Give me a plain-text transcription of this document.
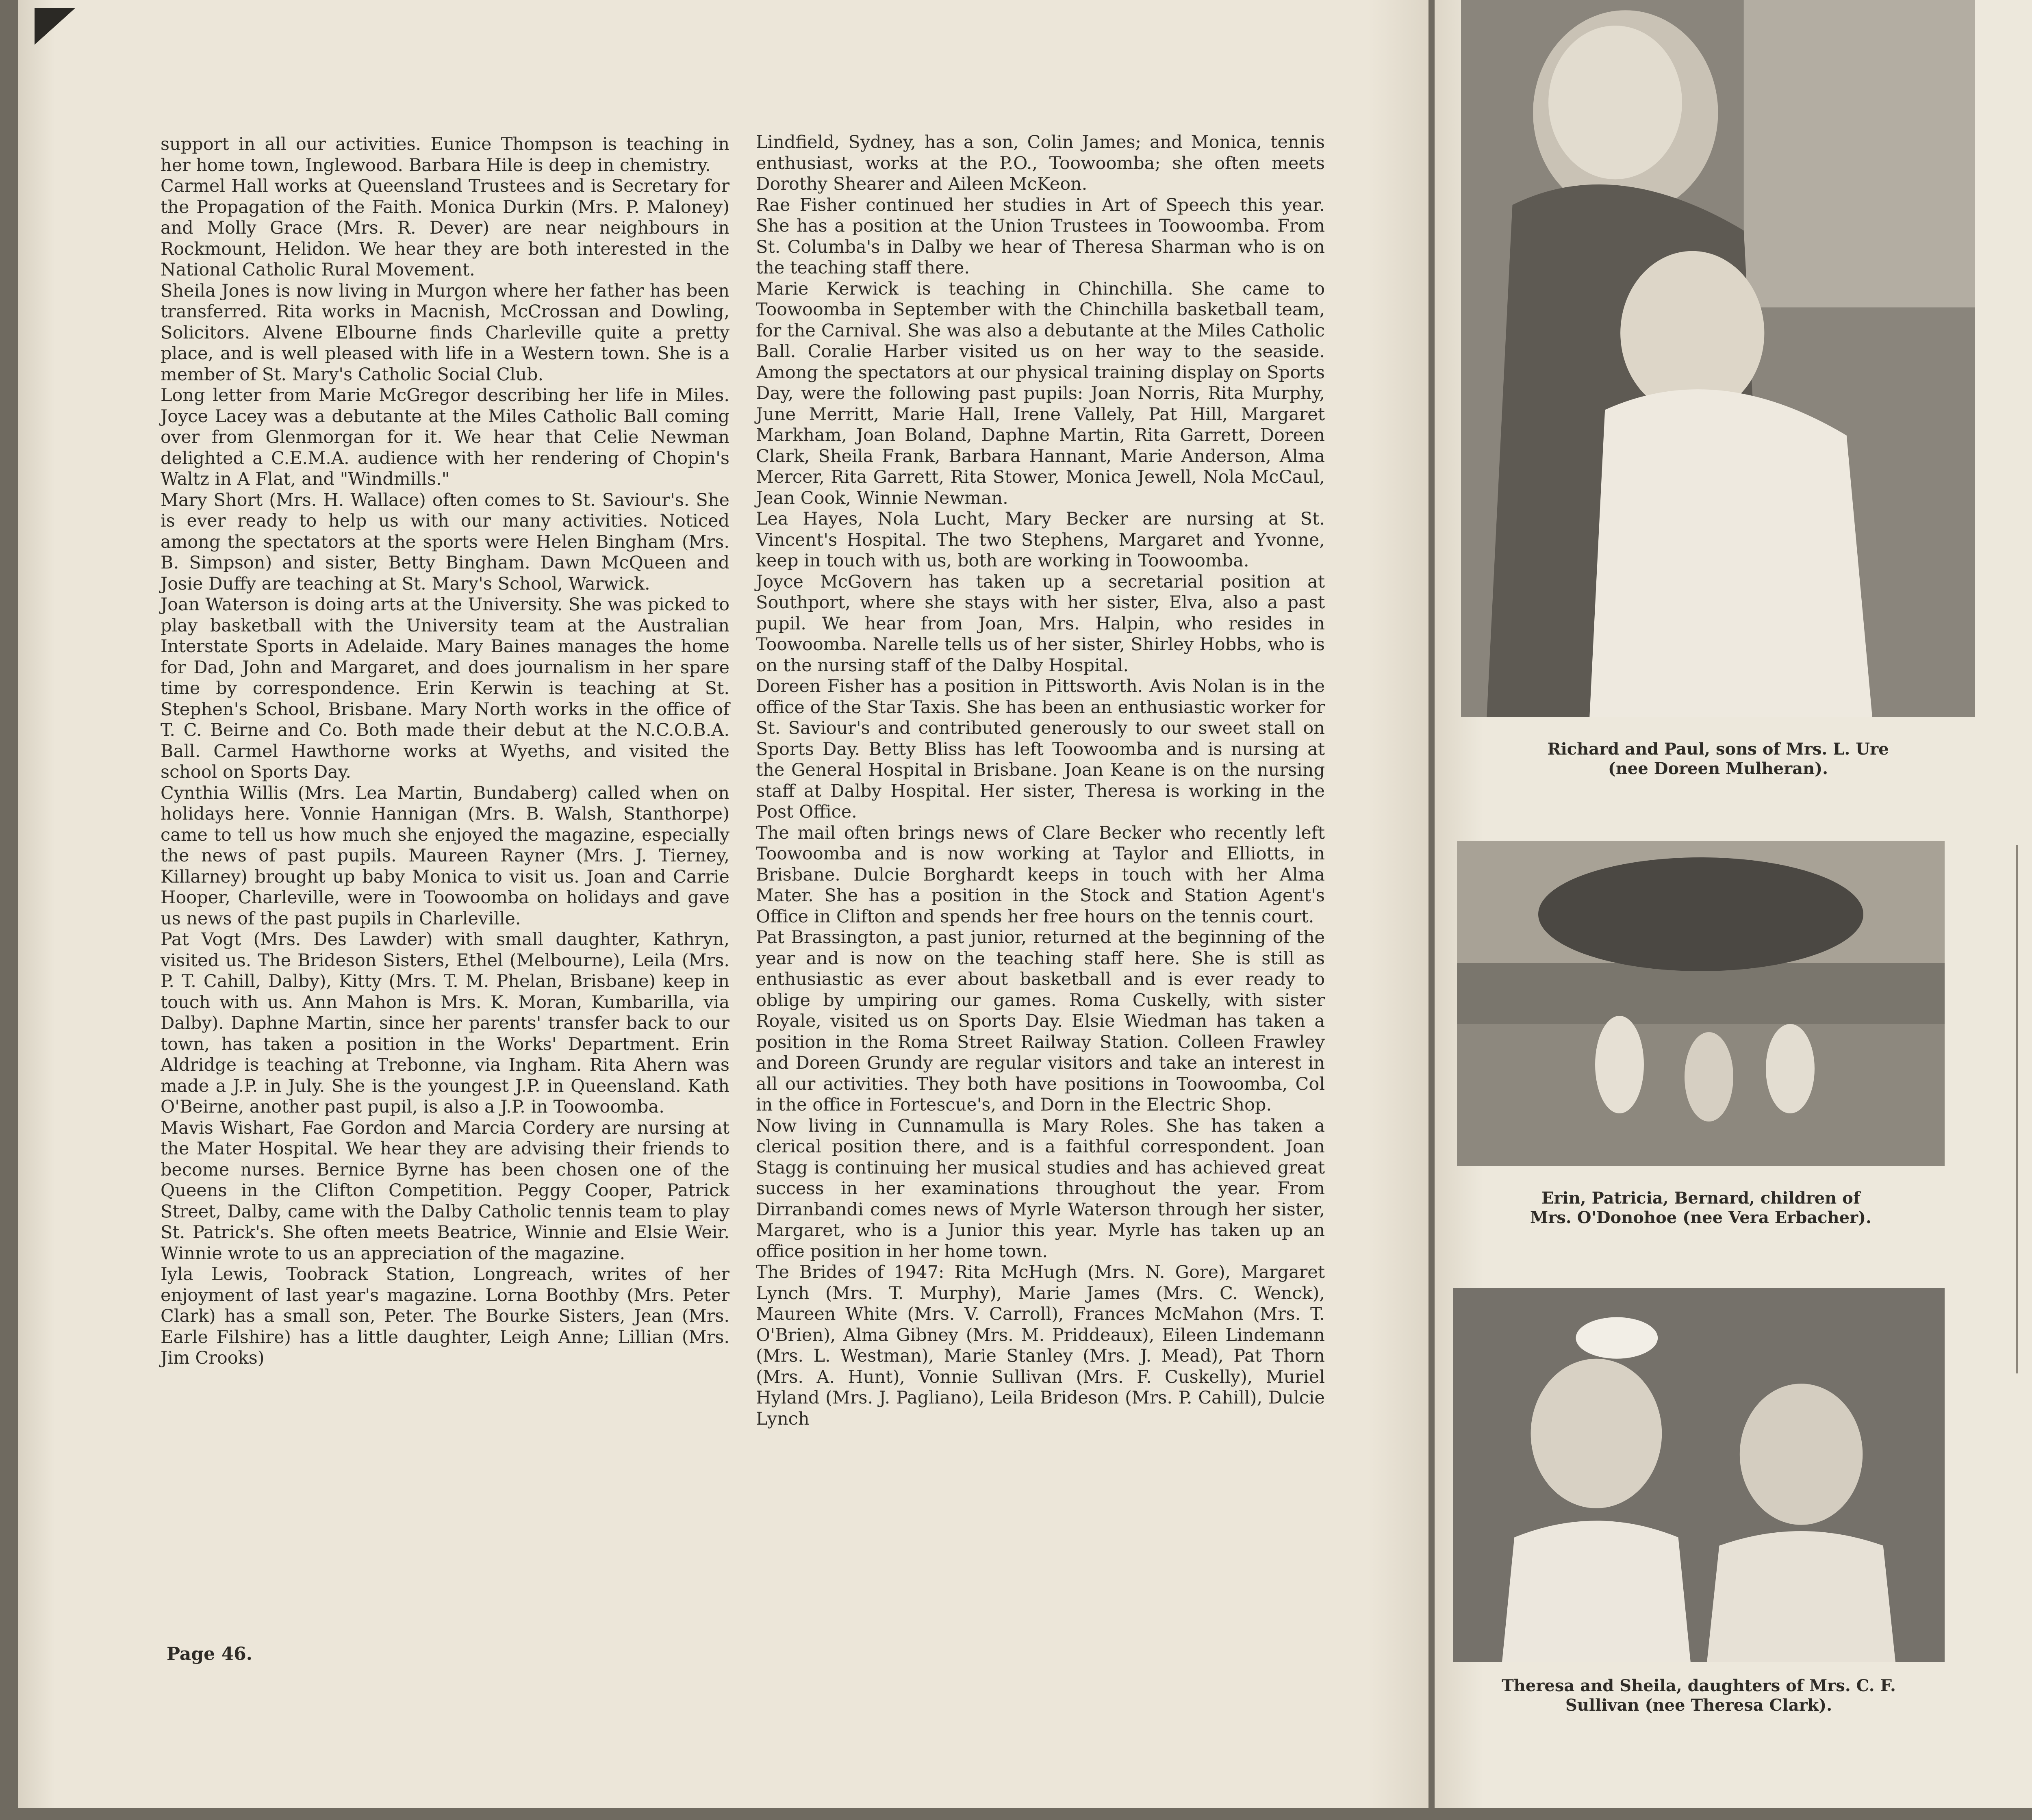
support in all our activities. Eunice Thompson is teaching in her home town, Inglewood. Barbara Hile is deep in chemistry.
Carmel Hall works at Queensland Trustees and is Secretary for the Propagation of the Faith. Monica Durkin (Mrs. P. Maloney) and Molly Grace (Mrs. R. Dever) are near neighbours in Rockmount, Helidon. We hear they are both interested in the National Catholic Rural Movement.
Sheila Jones is now living in Murgon where her father has been transferred. Rita works in Macnish, McCrossan and Dowling, Solicitors. Alvene Elbourne finds Charleville quite a pretty place, and is well pleased with life in a Western town. She is a member of St. Mary's Catholic Social Club.
Long letter from Marie McGregor describing her life in Miles. Joyce Lacey was a debutante at the Miles Catholic Ball coming over from Glenmorgan for it. We hear that Celie Newman delighted a C.E.M.A. audience with her rendering of Chopin's Waltz in A Flat, and "Windmills."
Mary Short (Mrs. H. Wallace) often comes to St. Saviour's. She is ever ready to help us with our many activities. Noticed among the spectators at the sports were Helen Bingham (Mrs. B. Simpson) and sister, Betty Bingham. Dawn McQueen and Josie Duffy are teaching at St. Mary's School, Warwick.
Joan Waterson is doing arts at the University. She was picked to play basketball with the University team at the Australian Interstate Sports in Adelaide. Mary Baines manages the home for Dad, John and Margaret, and does journalism in her spare time by correspondence. Erin Kerwin is teaching at St. Stephen's School, Brisbane. Mary North works in the office of T. C. Beirne and Co. Both made their debut at the N.C.O.B.A. Ball. Carmel Hawthorne works at Wyeths, and visited the school on Sports Day.
Cynthia Willis (Mrs. Lea Martin, Bundaberg) called when on holidays here. Vonnie Hannigan (Mrs. B. Walsh, Stanthorpe) came to tell us how much she enjoyed the magazine, especially the news of past pupils. Maureen Rayner (Mrs. J. Tierney, Killarney) brought up baby Monica to visit us. Joan and Carrie Hooper, Charleville, were in Toowoomba on holidays and gave us news of the past pupils in Charleville.
Pat Vogt (Mrs. Des Lawder) with small daughter, Kathryn, visited us. The Brideson Sisters, Ethel (Melbourne), Leila (Mrs. P. T. Cahill, Dalby), Kitty (Mrs. T. M. Phelan, Brisbane) keep in touch with us. Ann Mahon is Mrs. K. Moran, Kumbarilla, via Dalby). Daphne Martin, since her parents' transfer back to our town, has taken a position in the Works' Department. Erin Aldridge is teaching at Trebonne, via Ingham. Rita Ahern was made a J.P. in July. She is the youngest J.P. in Queensland. Kath O'Beirne, another past pupil, is also a J.P. in Toowoomba.
Mavis Wishart, Fae Gordon and Marcia Cordery are nursing at the Mater Hospital. We hear they are advising their friends to become nurses. Bernice Byrne has been chosen one of the Queens in the Clifton Competition. Peggy Cooper, Patrick Street, Dalby, came with the Dalby Catholic tennis team to play St. Patrick's. She often meets Beatrice, Winnie and Elsie Weir. Winnie wrote to us an appreciation of the magazine.
Iyla Lewis, Toobrack Station, Longreach, writes of her enjoyment of last year's magazine. Lorna Boothby (Mrs. Peter Clark) has a small son, Peter. The Bourke Sisters, Jean (Mrs. Earle Filshire) has a little daughter, Leigh Anne; Lillian (Mrs. Jim Crooks)
Lindfield, Sydney, has a son, Colin James; and Monica, tennis enthusiast, works at the P.O., Toowoomba; she often meets Dorothy Shearer and Aileen McKeon.
Rae Fisher continued her studies in Art of Speech this year. She has a position at the Union Trustees in Toowoomba. From St. Columba's in Dalby we hear of Theresa Sharman who is on the teaching staff there.
Marie Kerwick is teaching in Chinchilla. She came to Toowoomba in September with the Chinchilla basketball team, for the Carnival. She was also a debutante at the Miles Catholic Ball. Coralie Harber visited us on her way to the seaside. Among the spectators at our physical training display on Sports Day, were the following past pupils: Joan Norris, Rita Murphy, June Merritt, Marie Hall, Irene Vallely, Pat Hill, Margaret Markham, Joan Boland, Daphne Martin, Rita Garrett, Doreen Clark, Sheila Frank, Barbara Hannant, Marie Anderson, Alma Mercer, Rita Garrett, Rita Stower, Monica Jewell, Nola McCaul, Jean Cook, Winnie Newman.
Lea Hayes, Nola Lucht, Mary Becker are nursing at St. Vincent's Hospital. The two Stephens, Margaret and Yvonne, keep in touch with us, both are working in Toowoomba.
Joyce McGovern has taken up a secretarial position at Southport, where she stays with her sister, Elva, also a past pupil. We hear from Joan, Mrs. Halpin, who resides in Toowoomba. Narelle tells us of her sister, Shirley Hobbs, who is on the nursing staff of the Dalby Hospital.
Doreen Fisher has a position in Pittsworth. Avis Nolan is in the office of the Star Taxis. She has been an enthusiastic worker for St. Saviour's and contributed generously to our sweet stall on Sports Day. Betty Bliss has left Toowoomba and is nursing at the General Hospital in Brisbane. Joan Keane is on the nursing staff at Dalby Hospital. Her sister, Theresa is working in the Post Office.
The mail often brings news of Clare Becker who recently left Toowoomba and is now working at Taylor and Elliotts, in Brisbane. Dulcie Borghardt keeps in touch with her Alma Mater. She has a position in the Stock and Station Agent's Office in Clifton and spends her free hours on the tennis court.
Pat Brassington, a past junior, returned at the beginning of the year and is now on the teaching staff here. She is still as enthusiastic as ever about basketball and is ever ready to oblige by umpiring our games. Roma Cuskelly, with sister Royale, visited us on Sports Day. Elsie Wiedman has taken a position in the Roma Street Railway Station. Colleen Frawley and Doreen Grundy are regular visitors and take an interest in all our activities. They both have positions in Toowoomba, Col in the office in Fortescue's, and Dorn in the Electric Shop.
Now living in Cunnamulla is Mary Roles. She has taken a clerical position there, and is a faithful correspondent. Joan Stagg is continuing her musical studies and has achieved great success in her examinations throughout the year. From Dirranbandi comes news of Myrle Waterson through her sister, Margaret, who is a Junior this year. Myrle has taken up an office position in her home town.
The Brides of 1947: Rita McHugh (Mrs. N. Gore), Margaret Lynch (Mrs. T. Murphy), Marie James (Mrs. C. Wenck), Maureen White (Mrs. V. Carroll), Frances McMahon (Mrs. T. O'Brien), Alma Gibney (Mrs. M. Priddeaux), Eileen Lindemann (Mrs. L. Westman), Marie Stanley (Mrs. J. Mead), Pat Thorn (Mrs. A. Hunt), Vonnie Sullivan (Mrs. F. Cuskelly), Muriel Hyland (Mrs. J. Pagliano), Leila Brideson (Mrs. P. Cahill), Dulcie Lynch
Page 46.
Richard and Paul, sons of Mrs. L. Ure
(nee Doreen Mulheran).
Erin, Patricia, Bernard, children of
Mrs. O'Donohoe (nee Vera Erbacher).
Theresa and Sheila, daughters of Mrs. C. F.
Sullivan (nee Theresa Clark).
